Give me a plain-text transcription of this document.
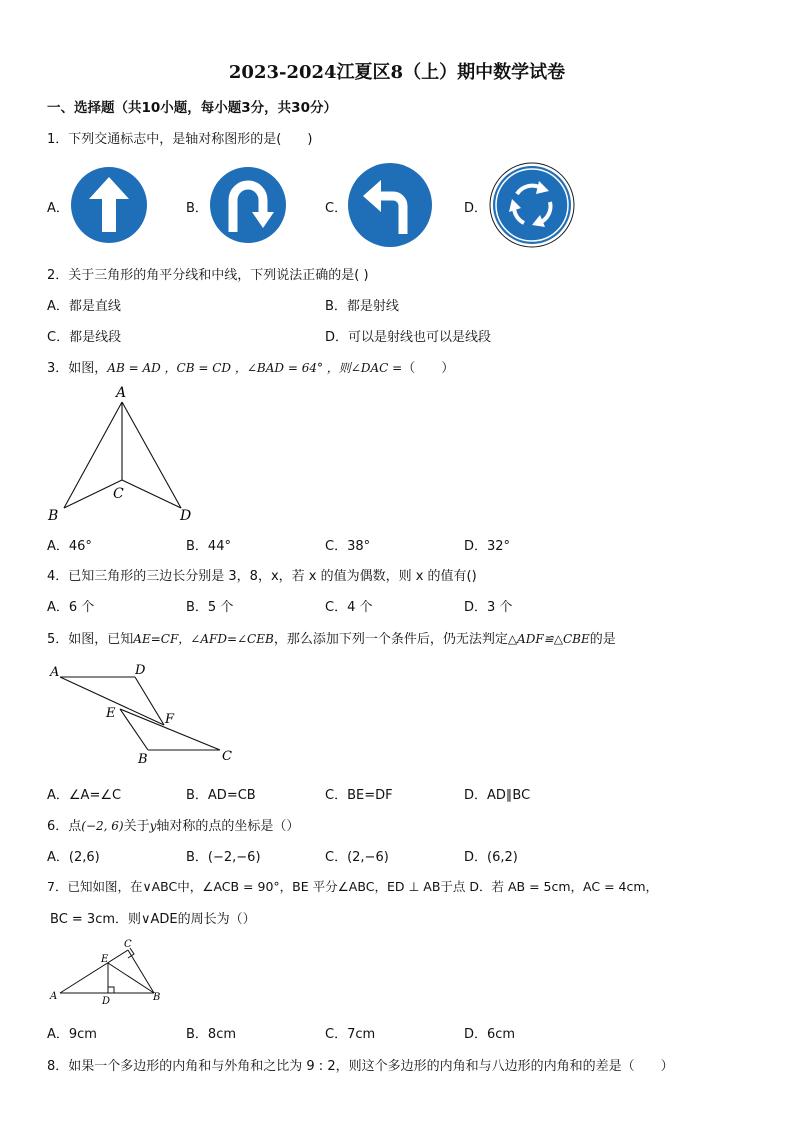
2023-2024江夏区8（上）期中数学试卷
一、选择题（共10小题，每小题3分，共30分）
1．下列交通标志中，是轴对称图形的是(　　)
A．	B．	C．	D．
2．关于三角形的角平分线和中线，下列说法正确的是( )
A．都是直线	B．都是射线
C．都是线段	D．可以是射线也可以是线段
3．如图，AB = AD ，CB = CD ，∠BAD = 64° ，则∠DAC =（　　）
A
B
C
D
A．46°	B．44°	C．38°	D．32°
4．已知三角形的三边长分别是 3，8，x，若 x 的值为偶数，则 x 的值有()
A．6 个	B．5 个	C．4 个	D．3 个
5．如图，已知AE=CF，∠AFD=∠CEB，那么添加下列一个条件后，仍无法判定△ADF≌△CBE的是
A	D
E	F
B	C
A．∠A=∠C	B．AD=CB	C．BE=DF	D．AD∥BC
6．点(−2, 6)关于y轴对称的点的坐标是（）
A．(2,6)	B．(−2,−6)	C．(2,−6)	D．(6,2)
7．已知如图，在∨ABC中，∠ACB = 90°，BE 平分∠ABC，ED ⊥ AB于点 D．若 AB = 5cm，AC = 4cm，
BC = 3cm．则∨ADE的周长为（）
C
E
A	D	B
A．9cm	B．8cm	C．7cm	D．6cm
8．如果一个多边形的内角和与外角和之比为 9 : 2，则这个多边形的内角和与八边形的内角和的差是（　　）
